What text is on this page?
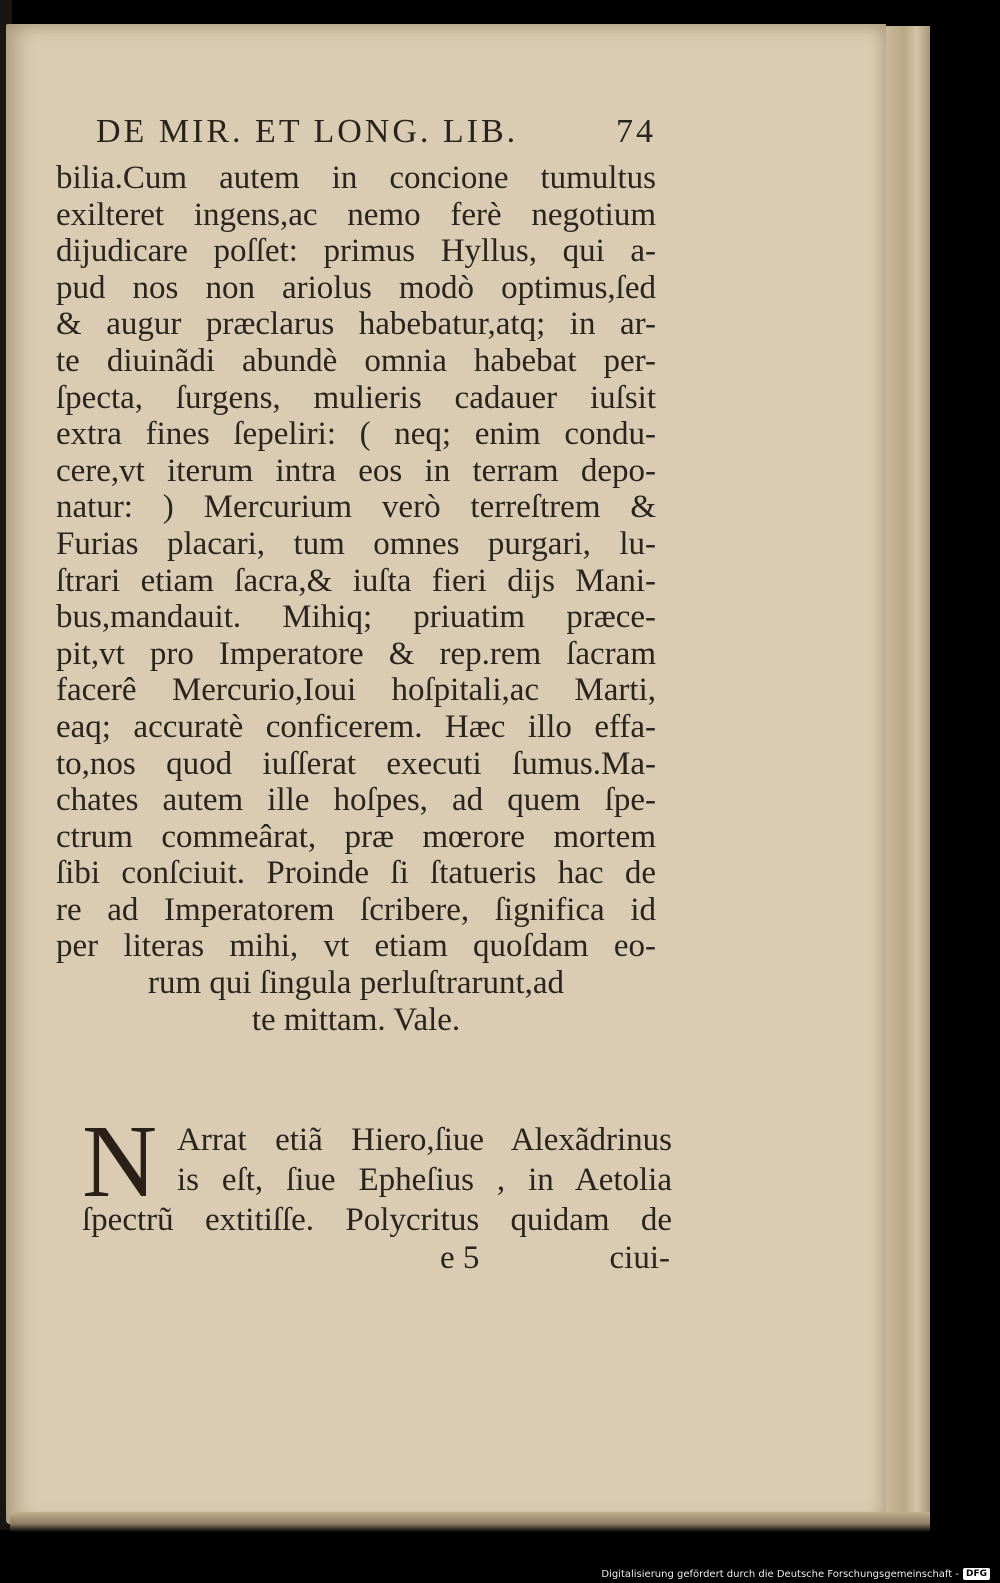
DE MIR. ET LONG. LIB.	74
bilia.Cum autem in concione tumultus
exilteret ingens,ac nemo ferè negotium
dijudicare poſſet: primus Hyllus, qui a-
pud nos non ariolus modò optimus,ſed
& augur præclarus habebatur,atq; in ar-
te diuinãdi abundè omnia habebat per-
ſpecta, ſurgens, mulieris cadauer iuſsit
extra fines ſepeliri: ( neq; enim condu-
cere,vt iterum intra eos in terram depo-
natur: ) Mercurium verò terreſtrem &
Furias placari, tum omnes purgari, lu-
ſtrari etiam ſacra,& iuſta fieri dijs Mani-
bus,mandauit. Mihiq; priuatim præce-
pit,vt pro Imperatore & rep.rem ſacram
facerê Mercurio,Ioui hoſpitali,ac Marti,
eaq; accuratè conficerem. Hæc illo effa-
to,nos quod iuſſerat executi ſumus.Ma-
chates autem ille hoſpes, ad quem ſpe-
ctrum commeârat, præ mœrore mortem
ſibi conſciuit. Proinde ſi ſtatueris hac de
re ad Imperatorem ſcribere, ſignifica id
per literas mihi, vt etiam quoſdam eo-
rum qui ſingula perluſtrarunt,ad
te mittam. Vale.
N Arrat etiã Hiero,ſiue Alexãdrinus
is eſt, ſiue Epheſius , in Aetolia
ſpectrũ extitiſſe. Polycritus quidam de
e 5	ciui-
Digitalisierung gefördert durch die Deutsche Forschungsgemeinschaft - DFG
